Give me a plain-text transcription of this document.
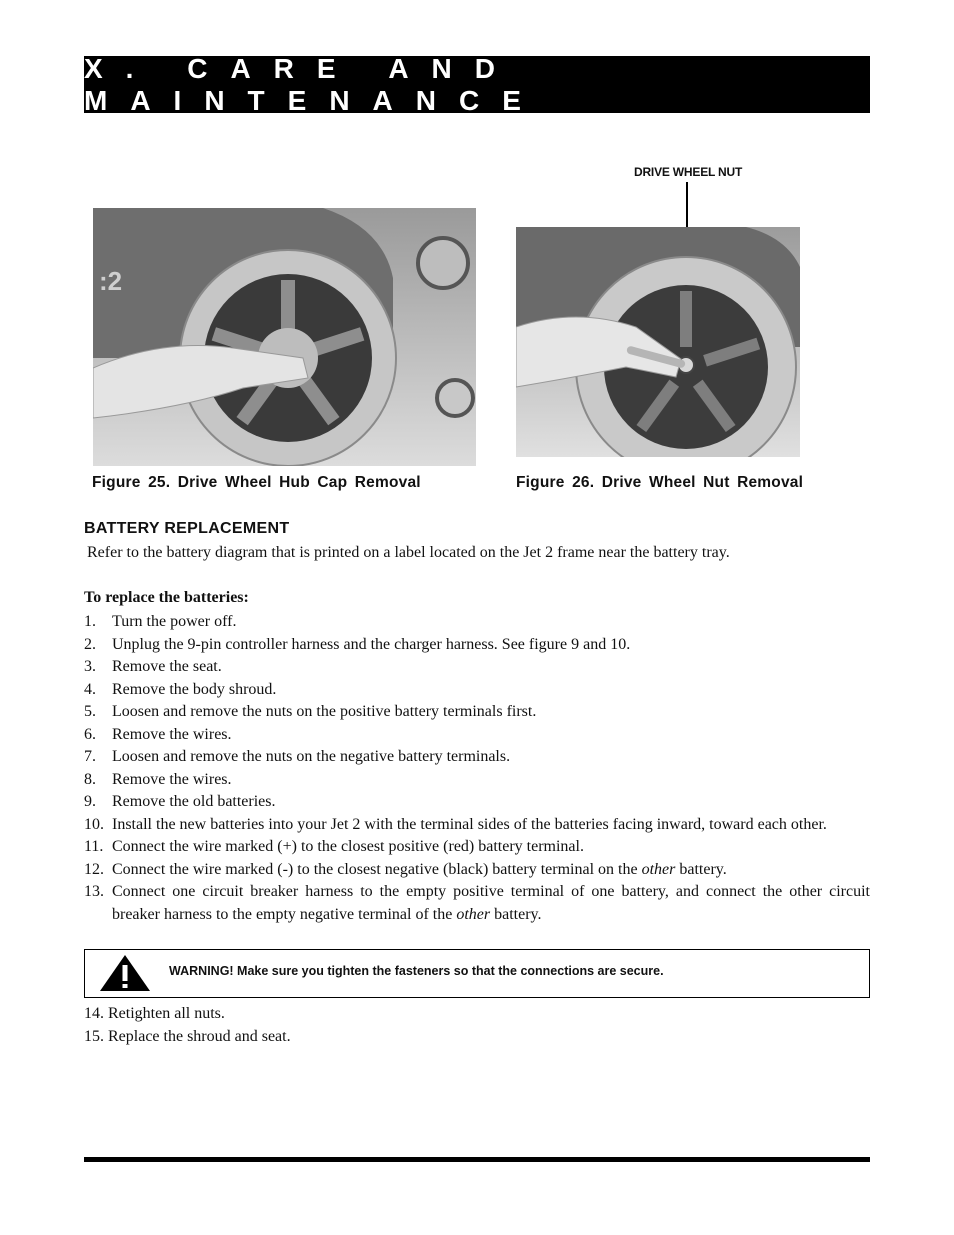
X. CARE AND MAINTENANCE
DRIVE WHEEL NUT
:2
Figure 25. Drive Wheel Hub Cap Removal	Figure 26. Drive Wheel Nut Removal
BATTERY REPLACEMENT
Refer to the battery diagram that is printed on a label located on the Jet 2 frame near the battery tray.
To replace the batteries:
1.	Turn the power off.
2.	Unplug the 9-pin controller harness and the charger harness. See figure 9 and 10.
3.	Remove the seat.
4.	Remove the body shroud.
5.	Loosen and remove the nuts on the positive battery terminals first.
6.	Remove the wires.
7.	Loosen and remove the nuts on the negative battery terminals.
8.	Remove the wires.
9.	Remove the old batteries.
10. Install the new batteries into your Jet 2 with the terminal sides of the batteries facing inward, toward each other.
11. Connect the wire marked (+) to the closest positive (red) battery terminal.
12. Connect the wire marked (-) to the closest negative (black) battery terminal on the other battery.
13. Connect one circuit breaker harness to the empty positive terminal of one battery, and connect the other circuit breaker harness to the empty negative terminal of the other battery.
WARNING! Make sure you tighten the fasteners so that the connections are secure.
14. Retighten all nuts.
15. Replace the shroud and seat.
